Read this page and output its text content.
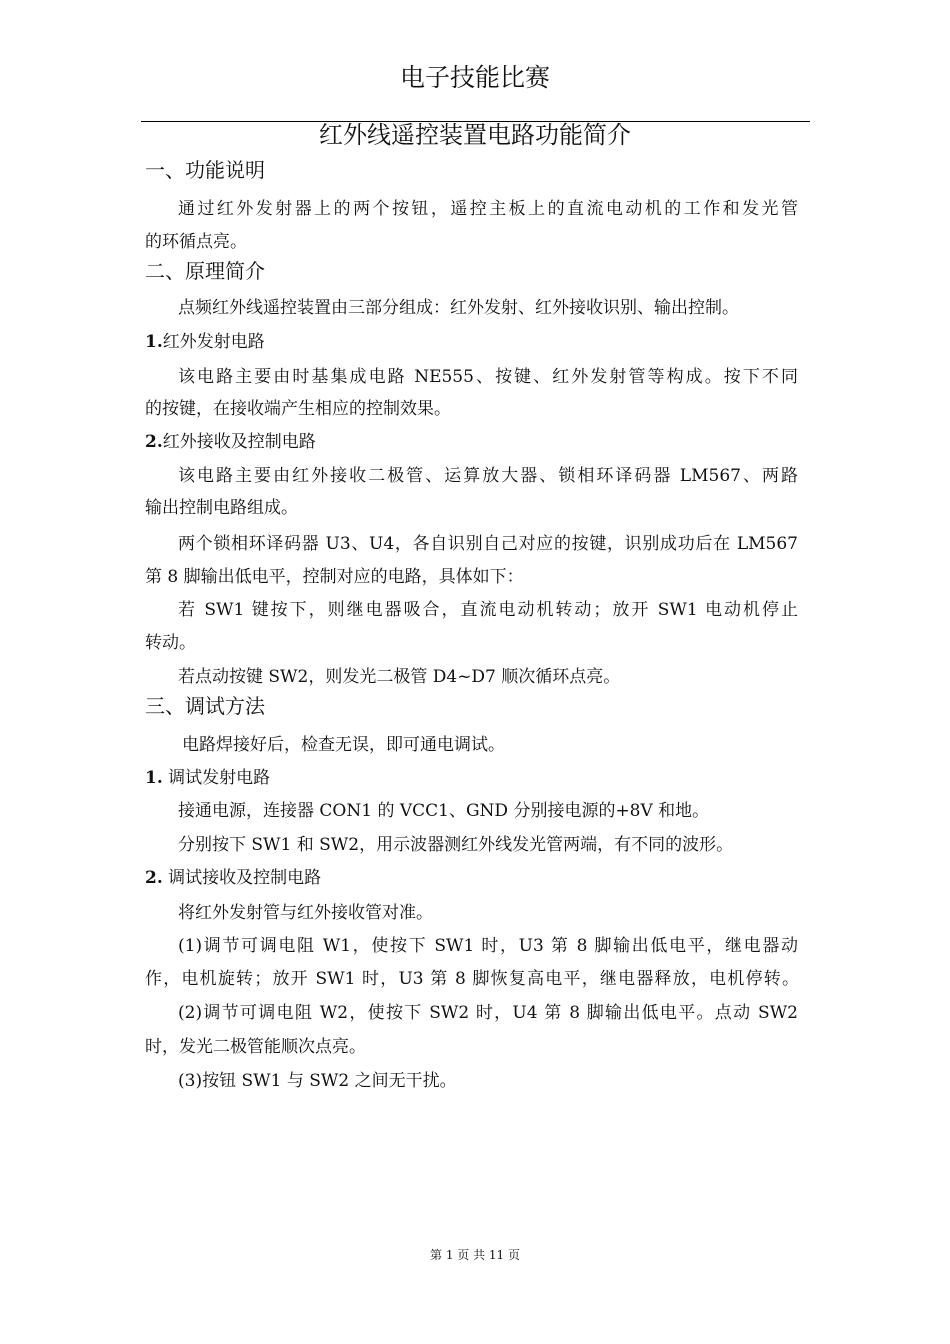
电子技能比赛
红外线遥控装置电路功能简介
一、功能说明
通过红外发射器上的两个按钮，遥控主板上的直流电动机的工作和发光管
的环循点亮。
二、原理简介
点频红外线遥控装置由三部分组成：红外发射、红外接收识别、输出控制。
1.红外发射电路
该电路主要由时基集成电路 NE555、按键、红外发射管等构成。按下不同
的按键，在接收端产生相应的控制效果。
2.红外接收及控制电路
该电路主要由红外接收二极管、运算放大器、锁相环译码器 LM567、两路
输出控制电路组成。
两个锁相环译码器 U3、U4，各自识别自己对应的按键，识别成功后在 LM567
第 8 脚输出低电平，控制对应的电路，具体如下：
若 SW1 键按下，则继电器吸合，直流电动机转动；放开 SW1 电动机停止
转动。
若点动按键 SW2，则发光二极管 D4~D7 顺次循环点亮。
三、调试方法
电路焊接好后，检查无误，即可通电调试。
1. 调试发射电路
接通电源，连接器 CON1 的 VCC1、GND 分别接电源的+8V 和地。
分别按下 SW1 和 SW2，用示波器测红外线发光管两端，有不同的波形。
2. 调试接收及控制电路
将红外发射管与红外接收管对准。
(1)调节可调电阻 W1，使按下 SW1 时，U3 第 8 脚输出低电平，继电器动
作，电机旋转；放开 SW1 时，U3 第 8 脚恢复高电平，继电器释放，电机停转。
(2)调节可调电阻 W2，使按下 SW2 时，U4 第 8 脚输出低电平。点动 SW2
时，发光二极管能顺次点亮。
(3)按钮 SW1 与 SW2 之间无干扰。
第 1 页 共 11 页
